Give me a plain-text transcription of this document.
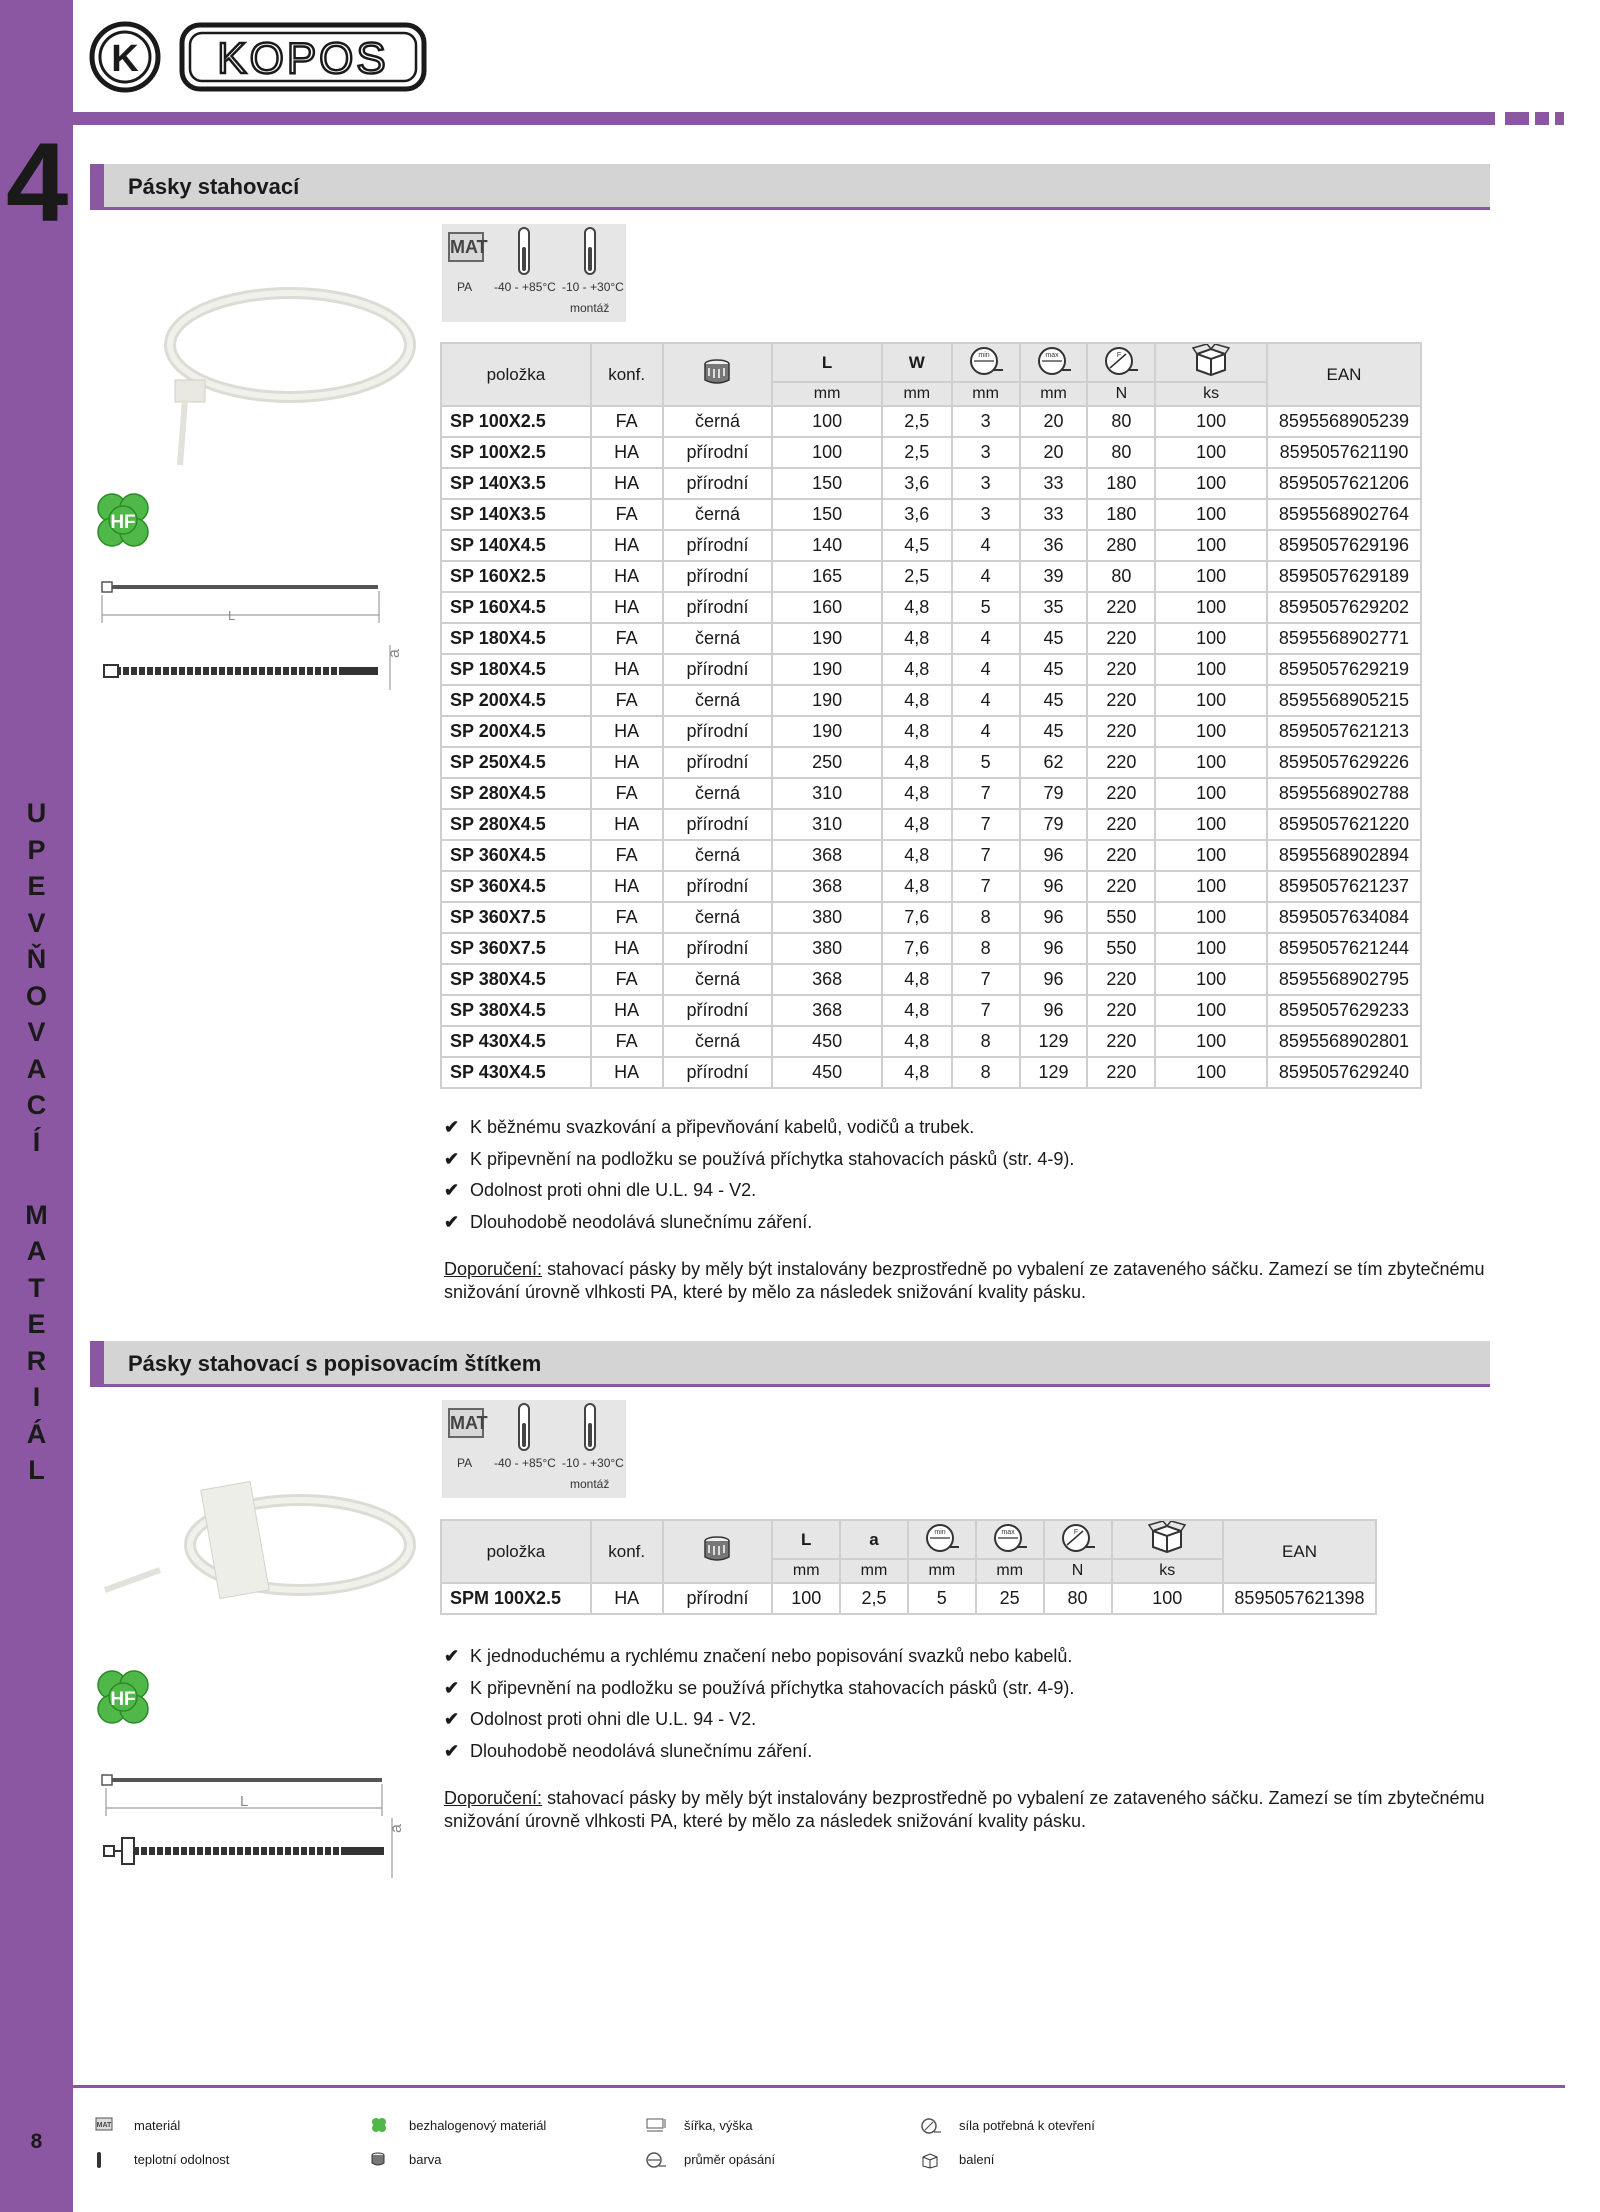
4
U
P
E
V
Ň
O
V
A
C
Í
M
A
T
E
R
I
Á
L
8
K KOPOS
Pásky stahovací
MAT
PA -40 - +85°C -10 - +30°C
montáž
položka	konf.		L	W	min	max	F		EAN
			mm	mm	mm	mm	N	ks	
SP 100X2.5	FA	černá	100	2,5	3	20	80	100	8595568905239
SP 100X2.5	HA	přírodní	100	2,5	3	20	80	100	8595057621190
SP 140X3.5	HA	přírodní	150	3,6	3	33	180	100	8595057621206
SP 140X3.5	FA	černá	150	3,6	3	33	180	100	8595568902764
SP 140X4.5	HA	přírodní	140	4,5	4	36	280	100	8595057629196
SP 160X2.5	HA	přírodní	165	2,5	4	39	80	100	8595057629189
SP 160X4.5	HA	přírodní	160	4,8	5	35	220	100	8595057629202
SP 180X4.5	FA	černá	190	4,8	4	45	220	100	8595568902771
SP 180X4.5	HA	přírodní	190	4,8	4	45	220	100	8595057629219
SP 200X4.5	FA	černá	190	4,8	4	45	220	100	8595568905215
SP 200X4.5	HA	přírodní	190	4,8	4	45	220	100	8595057621213
SP 250X4.5	HA	přírodní	250	4,8	5	62	220	100	8595057629226
SP 280X4.5	FA	černá	310	4,8	7	79	220	100	8595568902788
SP 280X4.5	HA	přírodní	310	4,8	7	79	220	100	8595057621220
SP 360X4.5	FA	černá	368	4,8	7	96	220	100	8595568902894
SP 360X4.5	HA	přírodní	368	4,8	7	96	220	100	8595057621237
SP 360X7.5	FA	černá	380	7,6	8	96	550	100	8595057634084
SP 360X7.5	HA	přírodní	380	7,6	8	96	550	100	8595057621244
SP 380X4.5	FA	černá	368	4,8	7	96	220	100	8595568902795
SP 380X4.5	HA	přírodní	368	4,8	7	96	220	100	8595057629233
SP 430X4.5	FA	černá	450	4,8	8	129	220	100	8595568902801
SP 430X4.5	HA	přírodní	450	4,8	8	129	220	100	8595057629240
✔ K běžnému svazkování a připevňování kabelů, vodičů a trubek.
✔ K připevnění na podložku se používá příchytka stahovacích pásků (str. 4-9).
✔ Odolnost proti ohni dle U.L. 94 - V2.
✔ Dlouhodobě neodolává slunečnímu záření.
Doporučení: stahovací pásky by měly být instalovány bezprostředně po vybalení ze zataveného sáčku. Zamezí se tím zbytečnému snižování úrovně vlhkosti PA, které by mělo za následek snižování kvality pásku.
HF
L
a
Pásky stahovací s popisovacím štítkem
MAT
PA -40 - +85°C -10 - +30°C
montáž
položka	konf.		L	a	min	max	F		EAN
			mm	mm	mm	mm	N	ks	
SPM 100X2.5	HA	přírodní	100	2,5	5	25	80	100	8595057621398
✔ K jednoduchému a rychlému značení nebo popisování svazků nebo kabelů.
✔ K připevnění na podložku se používá příchytka stahovacích pásků (str. 4-9).
✔ Odolnost proti ohni dle U.L. 94 - V2.
✔ Dlouhodobě neodolává slunečnímu záření.
Doporučení: stahovací pásky by měly být instalovány bezprostředně po vybalení ze zataveného sáčku. Zamezí se tím zbytečnému snižování úrovně vlhkosti PA, které by mělo za následek snižování kvality pásku.
HF
L
a
MAT materiál	bezhalogenový materiál	šířka, výška	síla potřebná k otevření
teplotní odolnost	barva	průměr opásání	balení
